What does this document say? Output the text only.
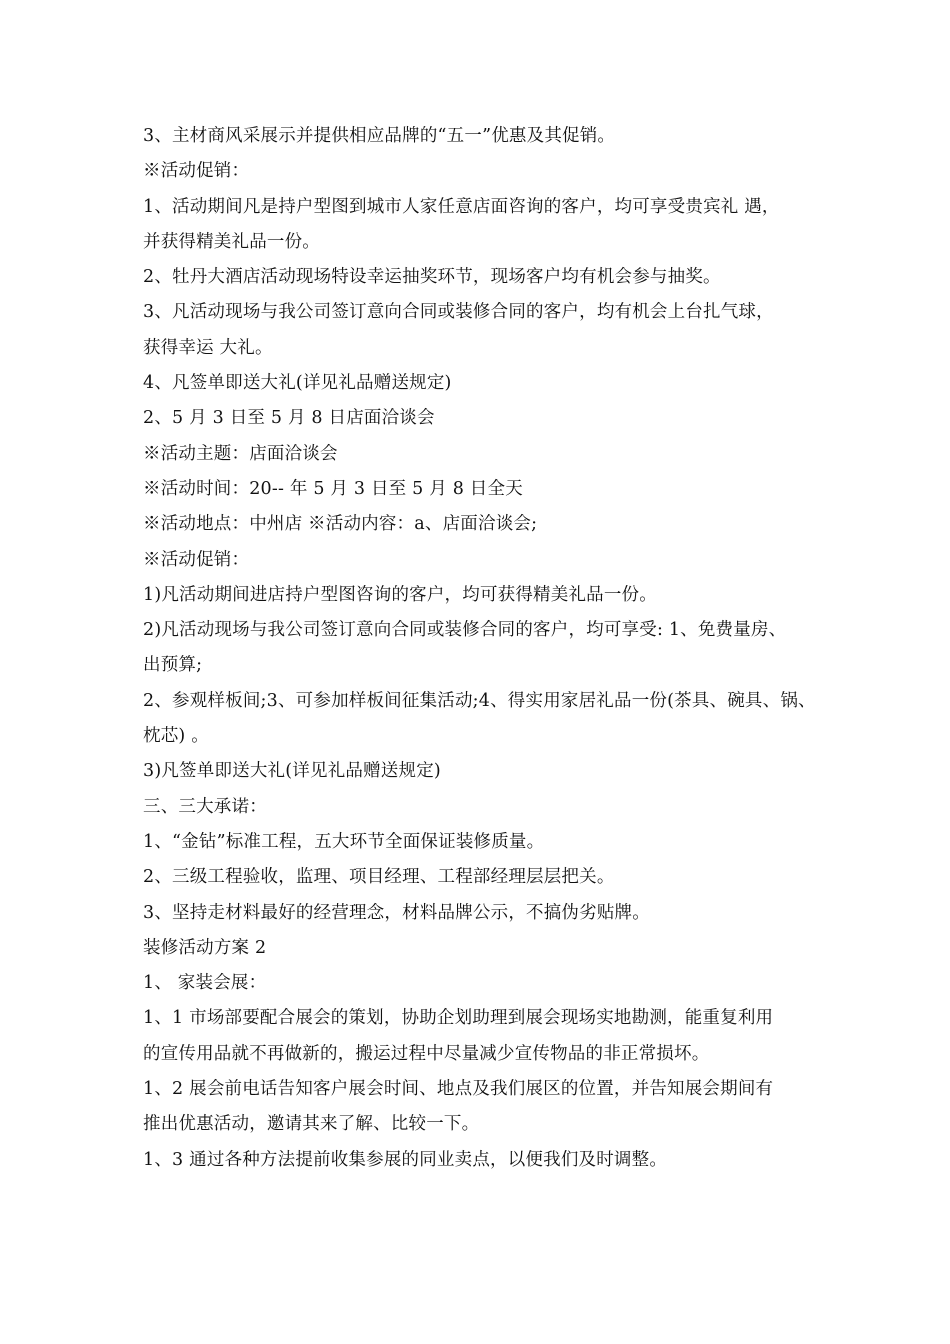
3、主材商风采展示并提供相应品牌的“五一”优惠及其促销。
※活动促销：
1、活动期间凡是持户型图到城市人家任意店面咨询的客户，均可享受贵宾礼 遇，
并获得精美礼品一份。
2、牡丹大酒店活动现场特设幸运抽奖环节，现场客户均有机会参与抽奖。
3、凡活动现场与我公司签订意向合同或装修合同的客户，均有机会上台扎气球，
获得幸运 大礼。
4、凡签单即送大礼(详见礼品赠送规定)
2、5 月 3 日至 5 月 8 日店面洽谈会
※活动主题：店面洽谈会
※活动时间：20-- 年 5 月 3 日至 5 月 8 日全天
※活动地点：中州店 ※活动内容：a、店面洽谈会;
※活动促销：
1)凡活动期间进店持户型图咨询的客户，均可获得精美礼品一份。
2)凡活动现场与我公司签订意向合同或装修合同的客户，均可享受: 1、免费量房、
出预算;
2、参观样板间;3、可参加样板间征集活动;4、得实用家居礼品一份(茶具、碗具、锅、
枕芯) 。
3)凡签单即送大礼(详见礼品赠送规定)
三、三大承诺：
1、“金钻”标准工程，五大环节全面保证装修质量。
2、三级工程验收，监理、项目经理、工程部经理层层把关。
3、坚持走材料最好的经营理念，材料品牌公示，不搞伪劣贴牌。
装修活动方案 2
1、 家装会展：
1、1 市场部要配合展会的策划，协助企划助理到展会现场实地勘测，能重复利用
的宣传用品就不再做新的，搬运过程中尽量减少宣传物品的非正常损坏。
1、2 展会前电话告知客户展会时间、地点及我们展区的位置，并告知展会期间有
推出优惠活动，邀请其来了解、比较一下。
1、3 通过各种方法提前收集参展的同业卖点，以便我们及时调整。
